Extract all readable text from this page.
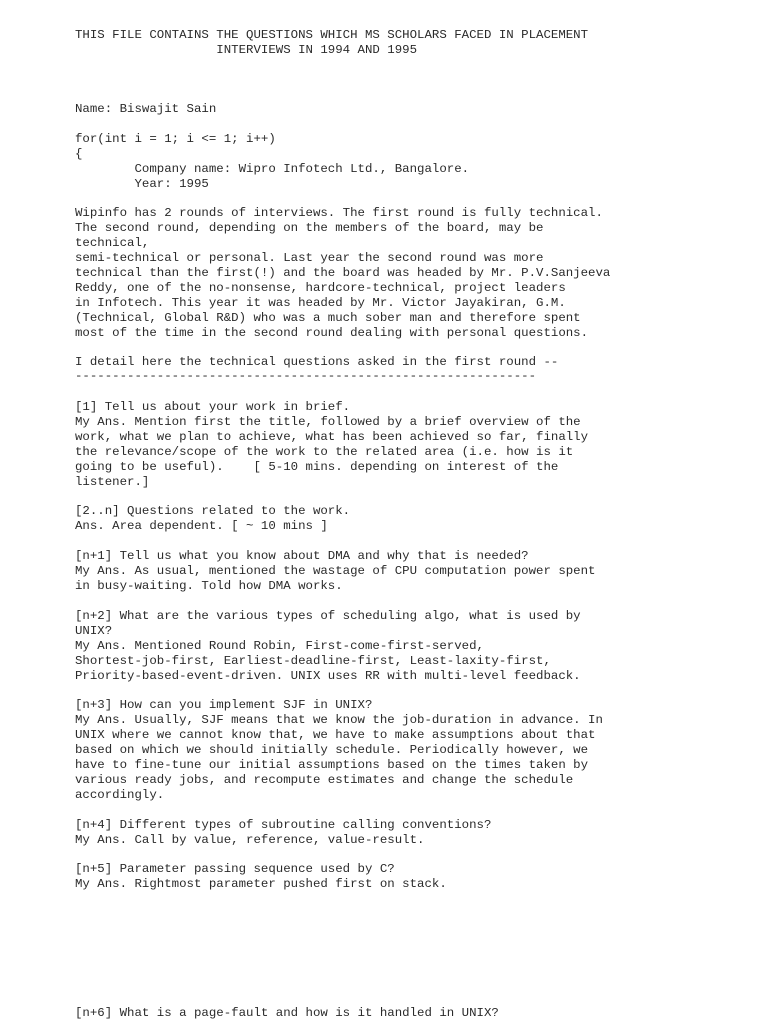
THIS FILE CONTAINS THE QUESTIONS WHICH MS SCHOLARS FACED IN PLACEMENT
INTERVIEWS IN 1994 AND 1995
Name: Biswajit Sain
for(int i = 1; i <= 1; i++)
{
Company name: Wipro Infotech Ltd., Bangalore.
Year: 1995
Wipinfo has 2 rounds of interviews. The first round is fully technical.
The second round, depending on the members of the board, may be
technical,
semi-technical or personal. Last year the second round was more
technical than the first(!) and the board was headed by Mr. P.V.Sanjeeva
Reddy, one of the no-nonsense, hardcore-technical, project leaders
in Infotech. This year it was headed by Mr. Victor Jayakiran, G.M.
(Technical, Global R&D) who was a much sober man and therefore spent
most of the time in the second round dealing with personal questions.
I detail here the technical questions asked in the first round --
--------------------------------------------------------------
[1] Tell us about your work in brief.
My Ans. Mention first the title, followed by a brief overview of the
work, what we plan to achieve, what has been achieved so far, finally
the relevance/scope of the work to the related area (i.e. how is it
going to be useful).    [ 5-10 mins. depending on interest of the
listener.]
[2..n] Questions related to the work.
Ans. Area dependent. [ ~ 10 mins ]
[n+1] Tell us what you know about DMA and why that is needed?
My Ans. As usual, mentioned the wastage of CPU computation power spent
in busy-waiting. Told how DMA works.
[n+2] What are the various types of scheduling algo, what is used by
UNIX?
My Ans. Mentioned Round Robin, First-come-first-served,
Shortest-job-first, Earliest-deadline-first, Least-laxity-first,
Priority-based-event-driven. UNIX uses RR with multi-level feedback.
[n+3] How can you implement SJF in UNIX?
My Ans. Usually, SJF means that we know the job-duration in advance. In
UNIX where we cannot know that, we have to make assumptions about that
based on which we should initially schedule. Periodically however, we
have to fine-tune our initial assumptions based on the times taken by
various ready jobs, and recompute estimates and change the schedule
accordingly.
[n+4] Different types of subroutine calling conventions?
My Ans. Call by value, reference, value-result.
[n+5] Parameter passing sequence used by C?
My Ans. Rightmost parameter pushed first on stack.
[n+6] What is a page-fault and how is it handled in UNIX?
